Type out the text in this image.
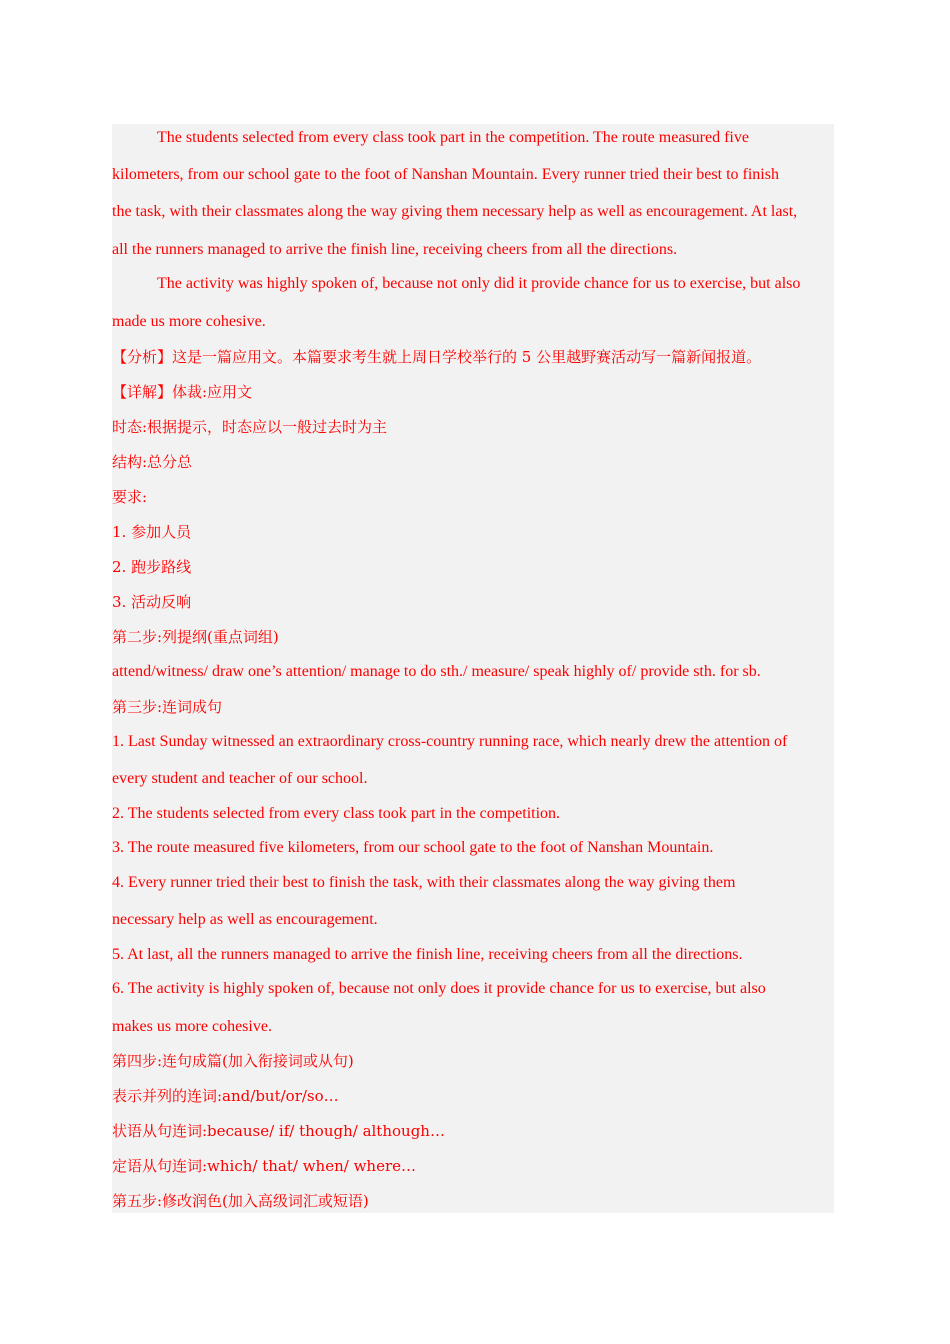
The students selected from every class took part in the competition. The route measured five
kilometers, from our school gate to the foot of Nanshan Mountain. Every runner tried their best to finish
the task, with their classmates along the way giving them necessary help as well as encouragement. At last,
all the runners managed to arrive the finish line, receiving cheers from all the directions.
The activity was highly spoken of, because not only did it provide chance for us to exercise, but also
made us more cohesive.
【分析】这是一篇应用文。本篇要求考生就上周日学校举行的 5 公里越野赛活动写一篇新闻报道。
【详解】体裁:应用文
时态:根据提示，时态应以一般过去时为主
结构:总分总
要求:
1. 参加人员
2. 跑步路线
3. 活动反响
第二步:列提纲(重点词组)
attend/witness/ draw one’s attention/ manage to do sth./ measure/ speak highly of/ provide sth. for sb.
第三步:连词成句
1. Last Sunday witnessed an extraordinary cross-country running race, which nearly drew the attention of
every student and teacher of our school.
2. The students selected from every class took part in the competition.
3. The route measured five kilometers, from our school gate to the foot of Nanshan Mountain.
4. Every runner tried their best to finish the task, with their classmates along the way giving them
necessary help as well as encouragement.
5. At last, all the runners managed to arrive the finish line, receiving cheers from all the directions.
6. The activity is highly spoken of, because not only does it provide chance for us to exercise, but also
makes us more cohesive.
第四步:连句成篇(加入衔接词或从句)
表示并列的连词:and/but/or/so…
状语从句连词:because/ if/ though/ although…
定语从句连词:which/ that/ when/ where…
第五步:修改润色(加入高级词汇或短语)
